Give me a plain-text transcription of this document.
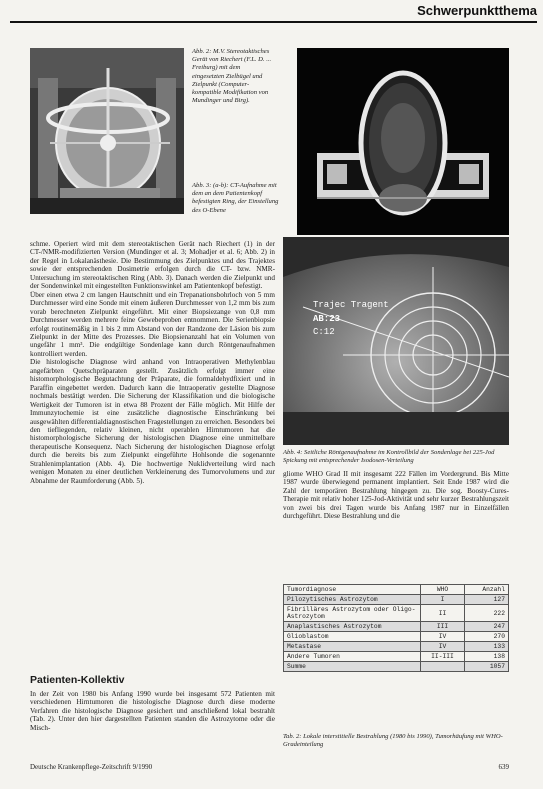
Schwerpunktthema
Abb. 2: M.V. Stereotaktisches Gerät von Riechert (F.L. D. ... Freiburg) mit dem eingesetzten Zielbügel und Zielpunkt (Computer-kompatible Modifikation von Mundinger und Birg).
Abb. 3: (a-b): CT-Aufnahme mit dem an dem Patientenkopf befestigten Ring, der Einstellung des O-Ebene
Trajec Tragent
AB:23
C:12
Abb. 4: Seitliche Röntgenaufnahme im Kontrollbild der Sondenlage bei 225-Jod Spickung mit entsprechender Isodosen-Verteilung

schme. Operiert wird mit dem stereotaktischen Gerät nach Riechert (1) in der CT-/NMR-modifizierten Version (Mundinger et al. 3; Mohadjer et al. 6; Abb. 2) in der Regel in Lokalanästhesie. Die Bestimmung des Zielpunktes und des Trajektes sowie der entsprechenden Dosimetrie erfolgen durch die CT- bzw. NMR-Untersuchung im stereotaktischen Ring (Abb. 3). Danach werden die Zielpunkt und der Sondenwinkel mit eingestellten Funktionswinkel am Patientenkopf befestigt.

Über einen etwa 2 cm langen Hautschnitt und ein Trepanationsbohrloch von 5 mm Durchmesser wird eine Sonde mit einem äußeren Durchmesser von 1,2 mm bis zum vorab berechneten Zielpunkt eingeführt. Mit einer Biopsiezange von 0,8 mm Durchmesser werden mehrere feine Gewebeproben entnommen. Die Serienbiopsie erfolgt routinemäßig in 1 bis 2 mm Abstand von der Randzone der Läsion bis zum Zielpunkt in der Mitte des Prozesses. Die Biopsienanzahl hat ein Volumen von ungefähr 1 mm³. Die endgültige Sondenlage kann durch Röntgenaufnahmen kontrolliert werden.

Die histologische Diagnose wird anhand von Intraoperativen Methylenblau angefärbten Quetschpräparaten gestellt. Zusätzlich erfolgt immer eine histomorphologische Begutachtung der Präparate, die formaldehydfixiert und in Paraffin eingebettet werden. Dadurch kann die Intraoperativ gestellte Diagnose nochmals bestätigt werden. Die Sicherung der Klassifikation und die biologische Wertigkeit der Tumoren ist in etwa 88 Prozent der Fälle möglich. Mit Hilfe der Immunzytochemie ist eine zusätzliche diagnostische Einschränkung bei ausgewählten differentialdiagnostischen Fragestellungen zu erreichen. Besonders bei den tiefliegenden, relativ kleinen, nicht operablen Hirntumoren hat die histomorphologische Sicherung der histologischen Diagnose eine unmittelbare therapeutische Konsequenz. Nach Sicherung der histologischen Diagnose erfolgt durch die bereits bis zum Zielpunkt eingeführte Hohlsonde die sogenannte Strahlenimplantation (Abb. 4). Die hochwertige Nuklidverteilung wird nach wenigen Monaten zu einer deutlichen Verkleinerung des Tumorvolumens und zur Abnahme der Raumforderung (Abb. 5).

Patienten-Kollektiv
In der Zeit von 1980 bis Anfang 1990 wurde bei insgesamt 572 Patienten mit verschiedenen Hirntumoren die histologische Diagnose durch diese moderne Verfahren die histologische Diagnose gesichert und anschließend lokal bestrahlt (Tab. 2). Unter den hier dargestellten Patienten standen die Astrozytome oder die Misch-
gliome WHO Grad II mit insgesamt 222 Fällen im Vordergrund. Bis Mitte 1987 wurde überwiegend permanent implantiert. Seit Ende 1987 wird die Zahl der temporären Bestrahlung hingegen zu. Die sog. Boosty-Cures-Therapie mit relativ hoher 125-Jod-Aktivität und sehr kurzer Bestrahlungszeit von zwei bis drei Tagen wurde bis Anfang 1987 nur in Einzelfällen durchgeführt. Diese Bestrahlung und die
Tumordiagnose	WHO	Anzahl
Pilozytisches Astrozytom	I	127
Fibrilläres Astrozytom oder Oligo-Astrozytom	II	222
Anaplastisches Astrozytom	III	247
Glioblastom	IV	270
Metastase	IV	133
Andere Tumoren	II-III	138
Summe		1057
Tab. 2: Lokale interstitielle Bestrahlung (1980 bis 1990), Tumorhäufung mit WHO-Gradeinteilung
Deutsche Krankenpflege-Zeitschrift 9/1990	639
